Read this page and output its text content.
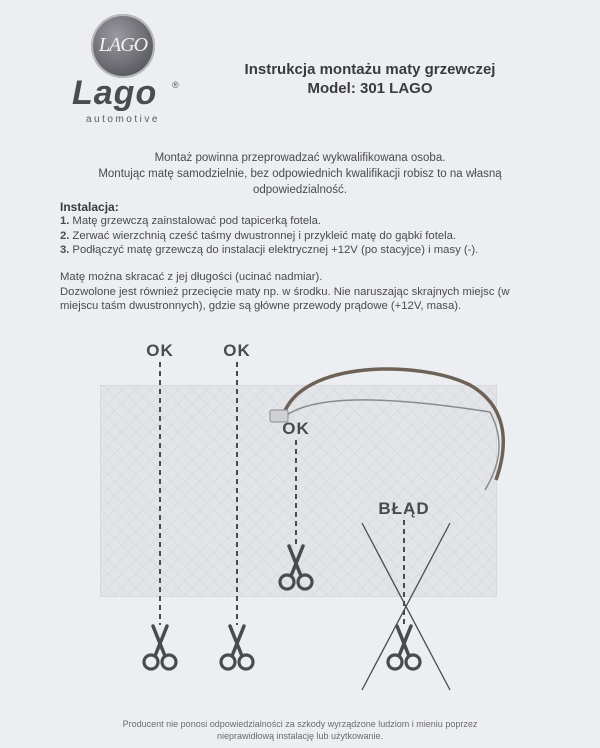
LAGO
Lago ®
automotive
Instrukcja montażu maty grzewczej
Model: 301 LAGO
Montaż powinna przeprowadzać wykwalifikowana osoba.
Montując matę samodzielnie, bez odpowiednich kwalifikacji robisz to na własną
odpowiedzialność.
Instalacja:
1. Matę grzewczą zainstalować pod tapicerką fotela.
2. Zerwać wierzchnią cześć taśmy dwustronnej i przykleić matę do gąbki fotela.
3. Podłączyć matę grzewczą do instalacji elektrycznej +12V (po stacyjce) i masy (-).
Matę można skracać z jej długości (ucinać nadmiar).
Dozwolone jest również przecięcie maty np. w środku. Nie naruszając skrajnych miejsc (w
miejscu taśm dwustronnych), gdzie są główne przewody prądowe (+12V, masa).
OK	OK
OK
BŁĄD
Producent nie ponosi odpowiedzialności za szkody wyrządzone ludziom i mieniu poprzez
nieprawidłową instalację lub użytkowanie.
